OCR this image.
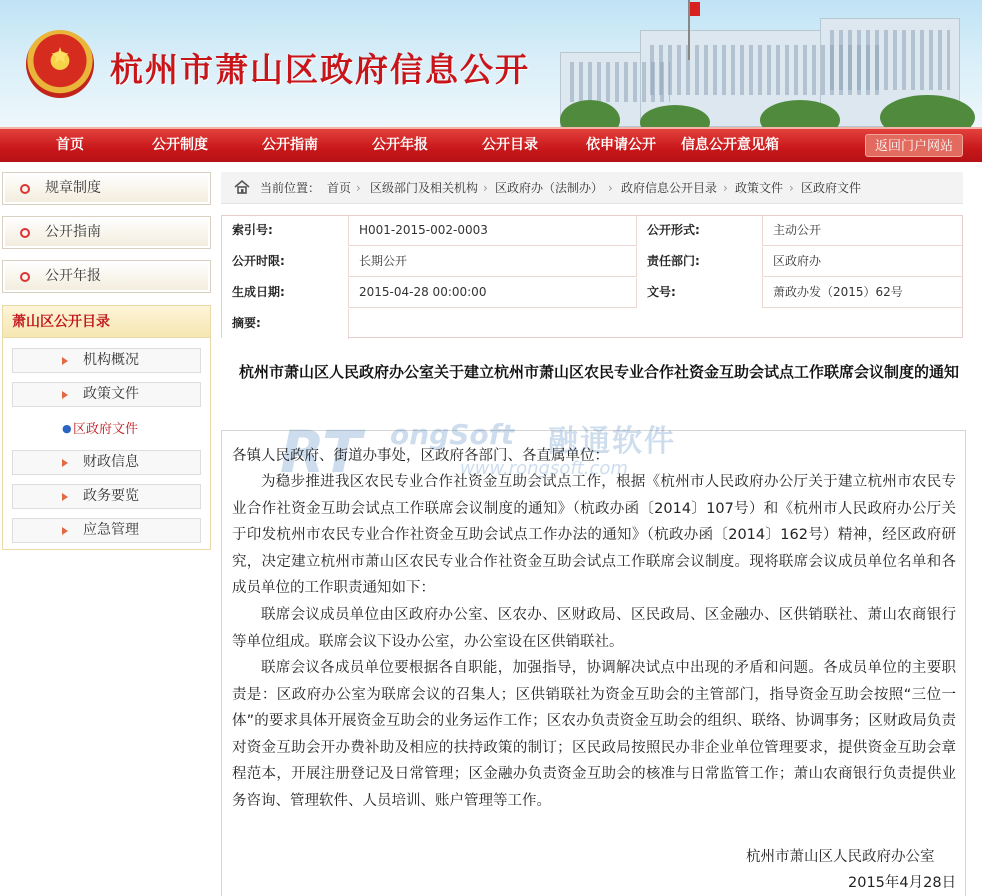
★	杭州市萧山区政府信息公开
首页	公开制度	公开指南	公开年报	公开目录	依申请公开 信息公开意见箱	返回门户网站
规章制度
公开指南
公开年报
萧山区公开目录
机构概况
政策文件
● 区政府文件
财政信息
政务要览
应急管理
当前位置： 首页 › 区级部门及相关机构 › 区政府办（法制办） › 政府信息公开目录 › 政策文件 › 区政府文件
索引号:	H001-2015-002-0003	公开形式:	主动公开
公开时限:	长期公开	责任部门:	区政府办
生成日期:	2015-04-28 00:00:00	文号:	萧政办发（2015）62号
摘要:
杭州市萧山区人民政府办公室关于建立杭州市萧山区农民专业合作社资金互助会试点工作联席会议制度的通知
RT ongSoft
www.rongsoft.com
融通软件
各镇人民政府、街道办事处，区政府各部门、各直属单位：
为稳步推进我区农民专业合作社资金互助会试点工作，根据《杭州市人民政府办公厅关于建立杭州市农民专业合作社资金互助会试点工作联席会议制度的通知》（杭政办函〔2014〕107号）和《杭州市人民政府办公厅关于印发杭州市农民专业合作社资金互助会试点工作办法的通知》（杭政办函〔2014〕162号）精神，经区政府研究，决定建立杭州市萧山区农民专业合作社资金互助会试点工作联席会议制度。现将联席会议成员单位名单和各成员单位的工作职责通知如下：
联席会议成员单位由区政府办公室、区农办、区财政局、区民政局、区金融办、区供销联社、萧山农商银行等单位组成。联席会议下设办公室，办公室设在区供销联社。
联席会议各成员单位要根据各自职能，加强指导，协调解决试点中出现的矛盾和问题。各成员单位的主要职责是：区政府办公室为联席会议的召集人；区供销联社为资金互助会的主管部门，指导资金互助会按照“三位一体”的要求具体开展资金互助会的业务运作工作；区农办负责资金互助会的组织、联络、协调事务；区财政局负责对资金互助会开办费补助及相应的扶持政策的制订；区民政局按照民办非企业单位管理要求，提供资金互助会章程范本，开展注册登记及日常管理；区金融办负责资金互助会的核准与日常监管工作；萧山农商银行负责提供业务咨询、管理软件、人员培训、账户管理等工作。
杭州市萧山区人民政府办公室
2015年4月28日
